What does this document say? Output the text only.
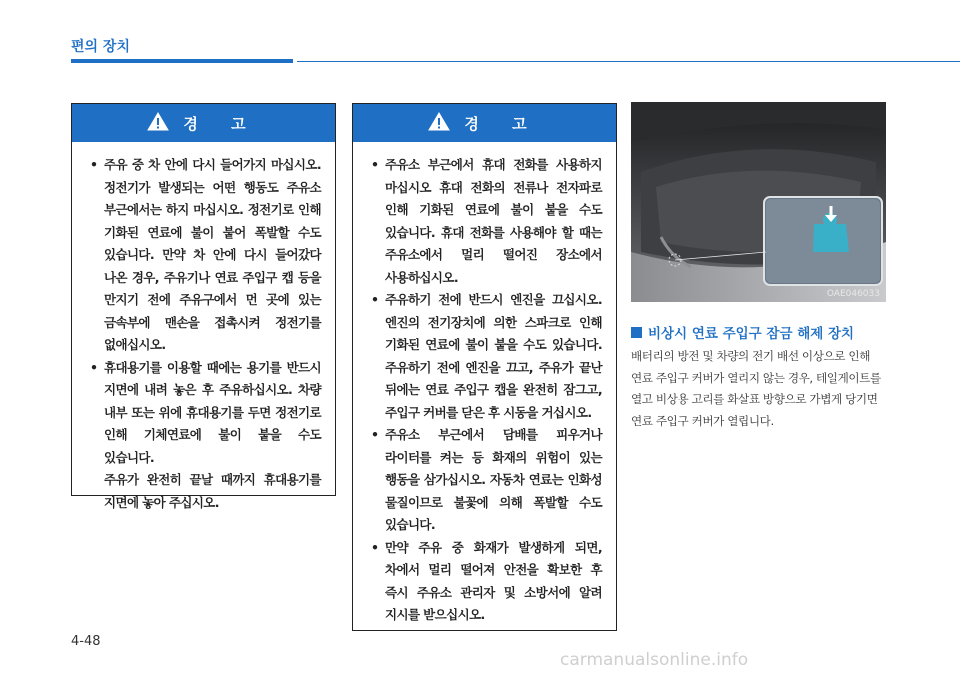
편의 장치
경 고
• 주유 중 차 안에 다시 들어가지 마십시오. 정전기가 발생되는 어떤 행동도 주유소 부근에서는 하지 마십시오. 정전기로 인해 기화된 연료에 불이 붙어 폭발할 수도 있습니다. 만약 차 안에 다시 들어갔다 나온 경우, 주유기나 연료 주입구 캡 등을 만지기 전에 주유구에서 먼 곳에 있는 금속부에 맨손을 접촉시켜 정전기를 없애십시오.
• 휴대용기를 이용할 때에는 용기를 반드시 지면에 내려 놓은 후 주유하십시오. 차량 내부 또는 위에 휴대용기를 두면 정전기로 인해 기체연료에 불이 붙을 수도 있습니다.
주유가 완전히 끝날 때까지 휴대용기를 지면에 놓아 주십시오.
경 고
• 주유소 부근에서 휴대 전화를 사용하지 마십시오 휴대 전화의 전류나 전자파로 인해 기화된 연료에 불이 붙을 수도 있습니다. 휴대 전화를 사용해야 할 때는 주유소에서 멀리 떨어진 장소에서 사용하십시오.
• 주유하기 전에 반드시 엔진을 끄십시오. 엔진의 전기장치에 의한 스파크로 인해 기화된 연료에 불이 붙을 수도 있습니다. 주유하기 전에 엔진을 끄고, 주유가 끝난 뒤에는 연료 주입구 캡을 완전히 잠그고, 주입구 커버를 닫은 후 시동을 거십시오.
• 주유소 부근에서 담배를 피우거나 라이터를 켜는 등 화재의 위험이 있는 행동을 삼가십시오. 자동차 연료는 인화성 물질이므로 불꽃에 의해 폭발할 수도 있습니다.
• 만약 주유 중 화재가 발생하게 되면, 차에서 멀리 떨어져 안전을 확보한 후 즉시 주유소 관리자 및 소방서에 알려 지시를 받으십시오.
OAE046033
비상시 연료 주입구 잠금 해제 장치
배터리의 방전 및 차량의 전기 배선 이상으로 인해 연료 주입구 커버가 열리지 않는 경우, 테일게이트를 열고 비상용 고리를 화살표 방향으로 가볍게 당기면 연료 주입구 커버가 열립니다.
4-48
carmanualsonline.info
